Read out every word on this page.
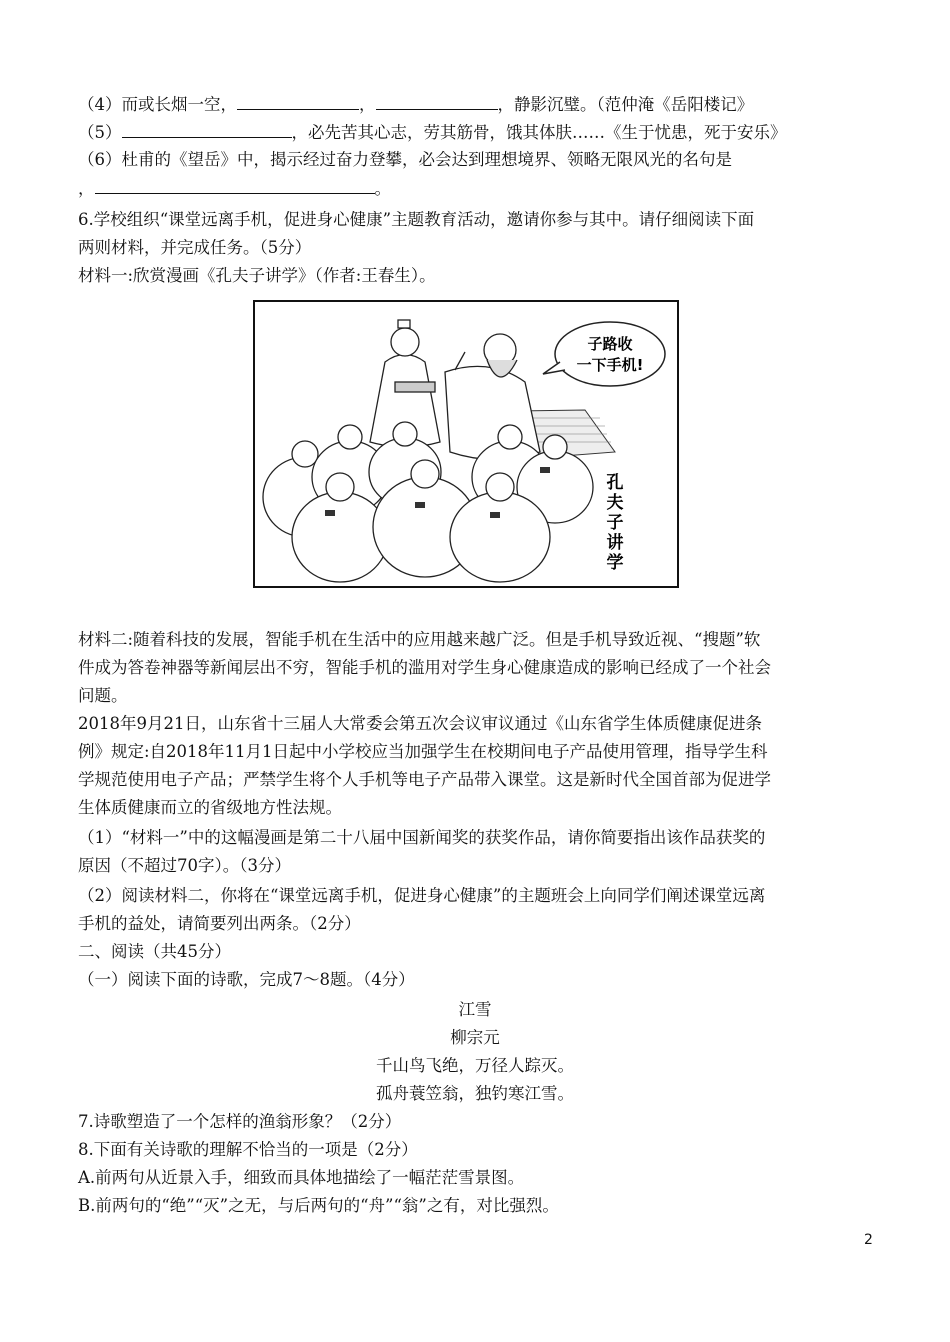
（4）而或长烟一空，	，	，静影沉璧。（范仲淹《岳阳楼记》
（5）	，必先苦其心志，劳其筋骨，饿其体肤……《生于忧患，死于安乐》
（6）杜甫的《望岳》中，揭示经过奋力登攀，必会达到理想境界、领略无限风光的名句是
，	。
6.学校组织“课堂远离手机，促进身心健康”主题教育活动，邀请你参与其中。请仔细阅读下面
两则材料，并完成任务。（5分）
材料一:欣赏漫画《孔夫子讲学》（作者:王春生）。
子路收
一下手机!
孔
夫
子
讲
学
材料二:随着科技的发展，智能手机在生活中的应用越来越广泛。但是手机导致近视、“搜题”软
件成为答卷神器等新闻层出不穷，智能手机的滥用对学生身心健康造成的影响已经成了一个社会
问题。
2018年9月21日，山东省十三届人大常委会第五次会议审议通过《山东省学生体质健康促进条
例》规定:自2018年11月1日起中小学校应当加强学生在校期间电子产品使用管理，指导学生科
学规范使用电子产品；严禁学生将个人手机等电子产品带入课堂。这是新时代全国首部为促进学
生体质健康而立的省级地方性法规。
（1）“材料一”中的这幅漫画是第二十八届中国新闻奖的获奖作品，请你简要指出该作品获奖的
原因（不超过70字）。（3分）
（2）阅读材料二，你将在“课堂远离手机，促进身心健康”的主题班会上向同学们阐述课堂远离
手机的益处，请简要列出两条。（2分）
二、阅读（共45分）
（一）阅读下面的诗歌，完成7～8题。（4分）
江雪
柳宗元
千山鸟飞绝，万径人踪灭。
孤舟蓑笠翁，独钓寒江雪。
7.诗歌塑造了一个怎样的渔翁形象？（2分）
8.下面有关诗歌的理解不恰当的一项是（2分）
A.前两句从近景入手，细致而具体地描绘了一幅茫茫雪景图。
B.前两句的“绝”“灭”之无，与后两句的“舟”“翁”之有，对比强烈。
2
